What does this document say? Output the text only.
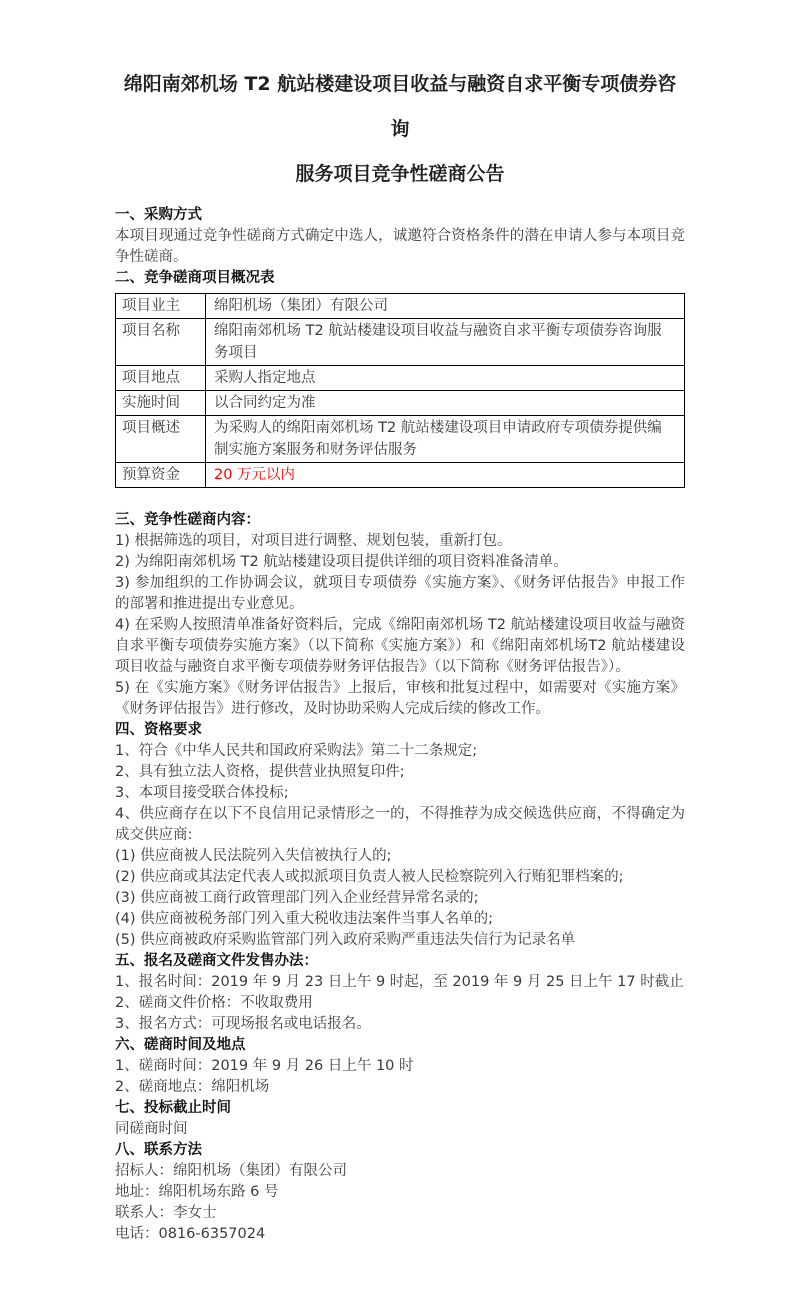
绵阳南郊机场 T2 航站楼建设项目收益与融资自求平衡专项债券咨询

服务项目竞争性磋商公告

一、采购方式

本项目现通过竞争性磋商方式确定中选人，诚邀符合资格条件的潜在申请人参与本项目竞争性磋商。

二、竞争磋商项目概况表
项目业主	绵阳机场（集团）有限公司
项目名称	绵阳南郊机场 T2 航站楼建设项目收益与融资自求平衡专项债券咨询服务项目
项目地点	采购人指定地点
实施时间	以合同约定为准
项目概述	为采购人的绵阳南郊机场 T2 航站楼建设项目申请政府专项债券提供编制实施方案服务和财务评估服务
预算资金	20 万元以内
三、竞争性磋商内容：

1) 根据筛选的项目，对项目进行调整、规划包装，重新打包。

2) 为绵阳南郊机场 T2 航站楼建设项目提供详细的项目资料准备清单。

3) 参加组织的工作协调会议，就项目专项债券《实施方案》、《财务评估报告》申报工作的部署和推进提出专业意见。

4) 在采购人按照清单准备好资料后，完成《绵阳南郊机场 T2 航站楼建设项目收益与融资自求平衡专项债券实施方案》（以下简称《实施方案》）和《绵阳南郊机场T2 航站楼建设项目收益与融资自求平衡专项债券财务评估报告》（以下简称《财务评估报告》）。

5) 在《实施方案》《财务评估报告》上报后，审核和批复过程中，如需要对《实施方案》《财务评估报告》进行修改，及时协助采购人完成后续的修改工作。

四、资格要求

1、符合《中华人民共和国政府采购法》第二十二条规定;

2、具有独立法人资格，提供营业执照复印件;

3、本项目接受联合体投标;

4、供应商存在以下不良信用记录情形之一的，不得推荐为成交候选供应商，不得确定为成交供应商:

(1) 供应商被人民法院列入失信被执行人的;

(2) 供应商或其法定代表人或拟派项目负责人被人民检察院列入行贿犯罪档案的;

(3) 供应商被工商行政管理部门列入企业经营异常名录的;

(4) 供应商被税务部门列入重大税收违法案件当事人名单的;

(5) 供应商被政府采购监管部门列入政府采购严重违法失信行为记录名单

五、报名及磋商文件发售办法：

1、报名时间：2019 年 9 月 23 日上午 9 时起，至 2019 年 9 月 25 日上午 17 时截止

2、磋商文件价格：不收取费用

3、报名方式：可现场报名或电话报名。

六、磋商时间及地点

1、磋商时间：2019 年 9 月 26 日上午 10 时

2、磋商地点：绵阳机场

七、投标截止时间

同磋商时间

八、联系方法

招标人：绵阳机场（集团）有限公司

地址：绵阳机场东路 6 号

联系人：李女士

电话：0816-6357024
